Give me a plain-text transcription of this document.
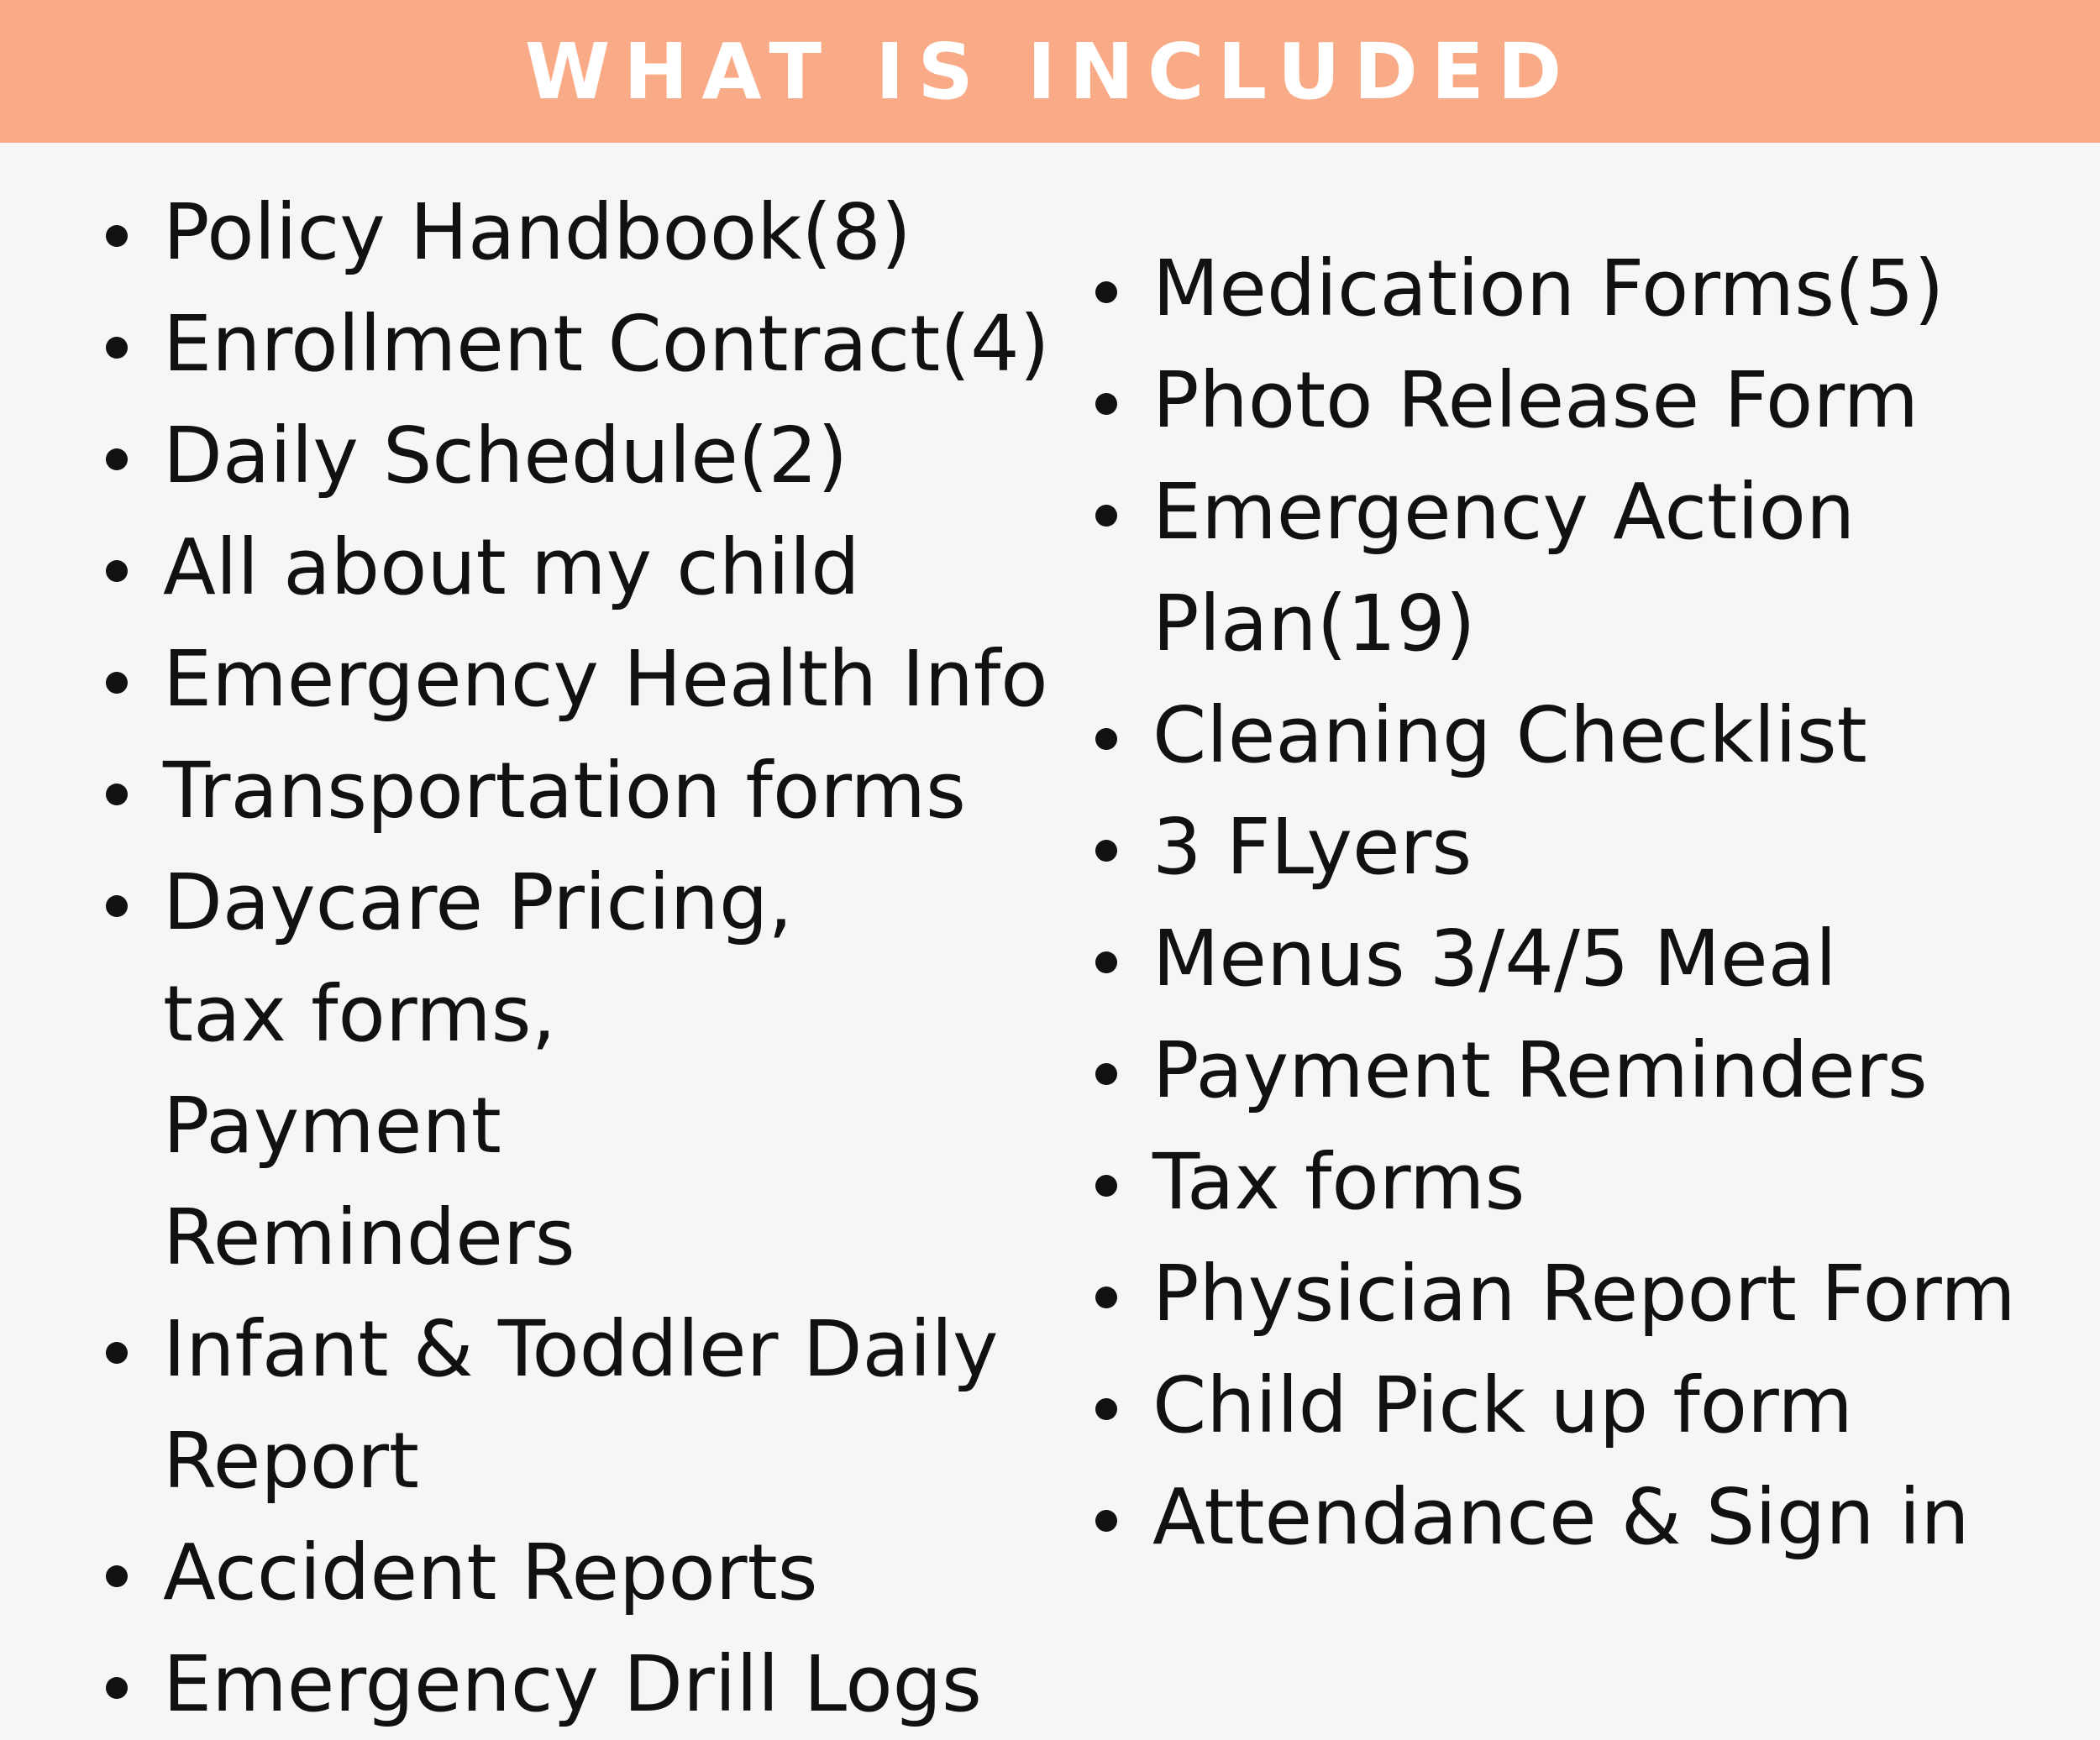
WHAT IS INCLUDED
Policy Handbook(8)
Enrollment Contract(4)
Daily Schedule(2)
All about my child
Emergency Health Info
Transportation forms
Daycare Pricing, tax forms, Payment Reminders
Infant & Toddler Daily Report
Accident Reports
Emergency Drill Logs
Medication Forms(5)
Photo Release Form
Emergency Action Plan(19)
Cleaning Checklist
3 FLyers
Menus 3/4/5 Meal
Payment Reminders
Tax forms
Physician Report Form
Child Pick up form
Attendance & Sign in
